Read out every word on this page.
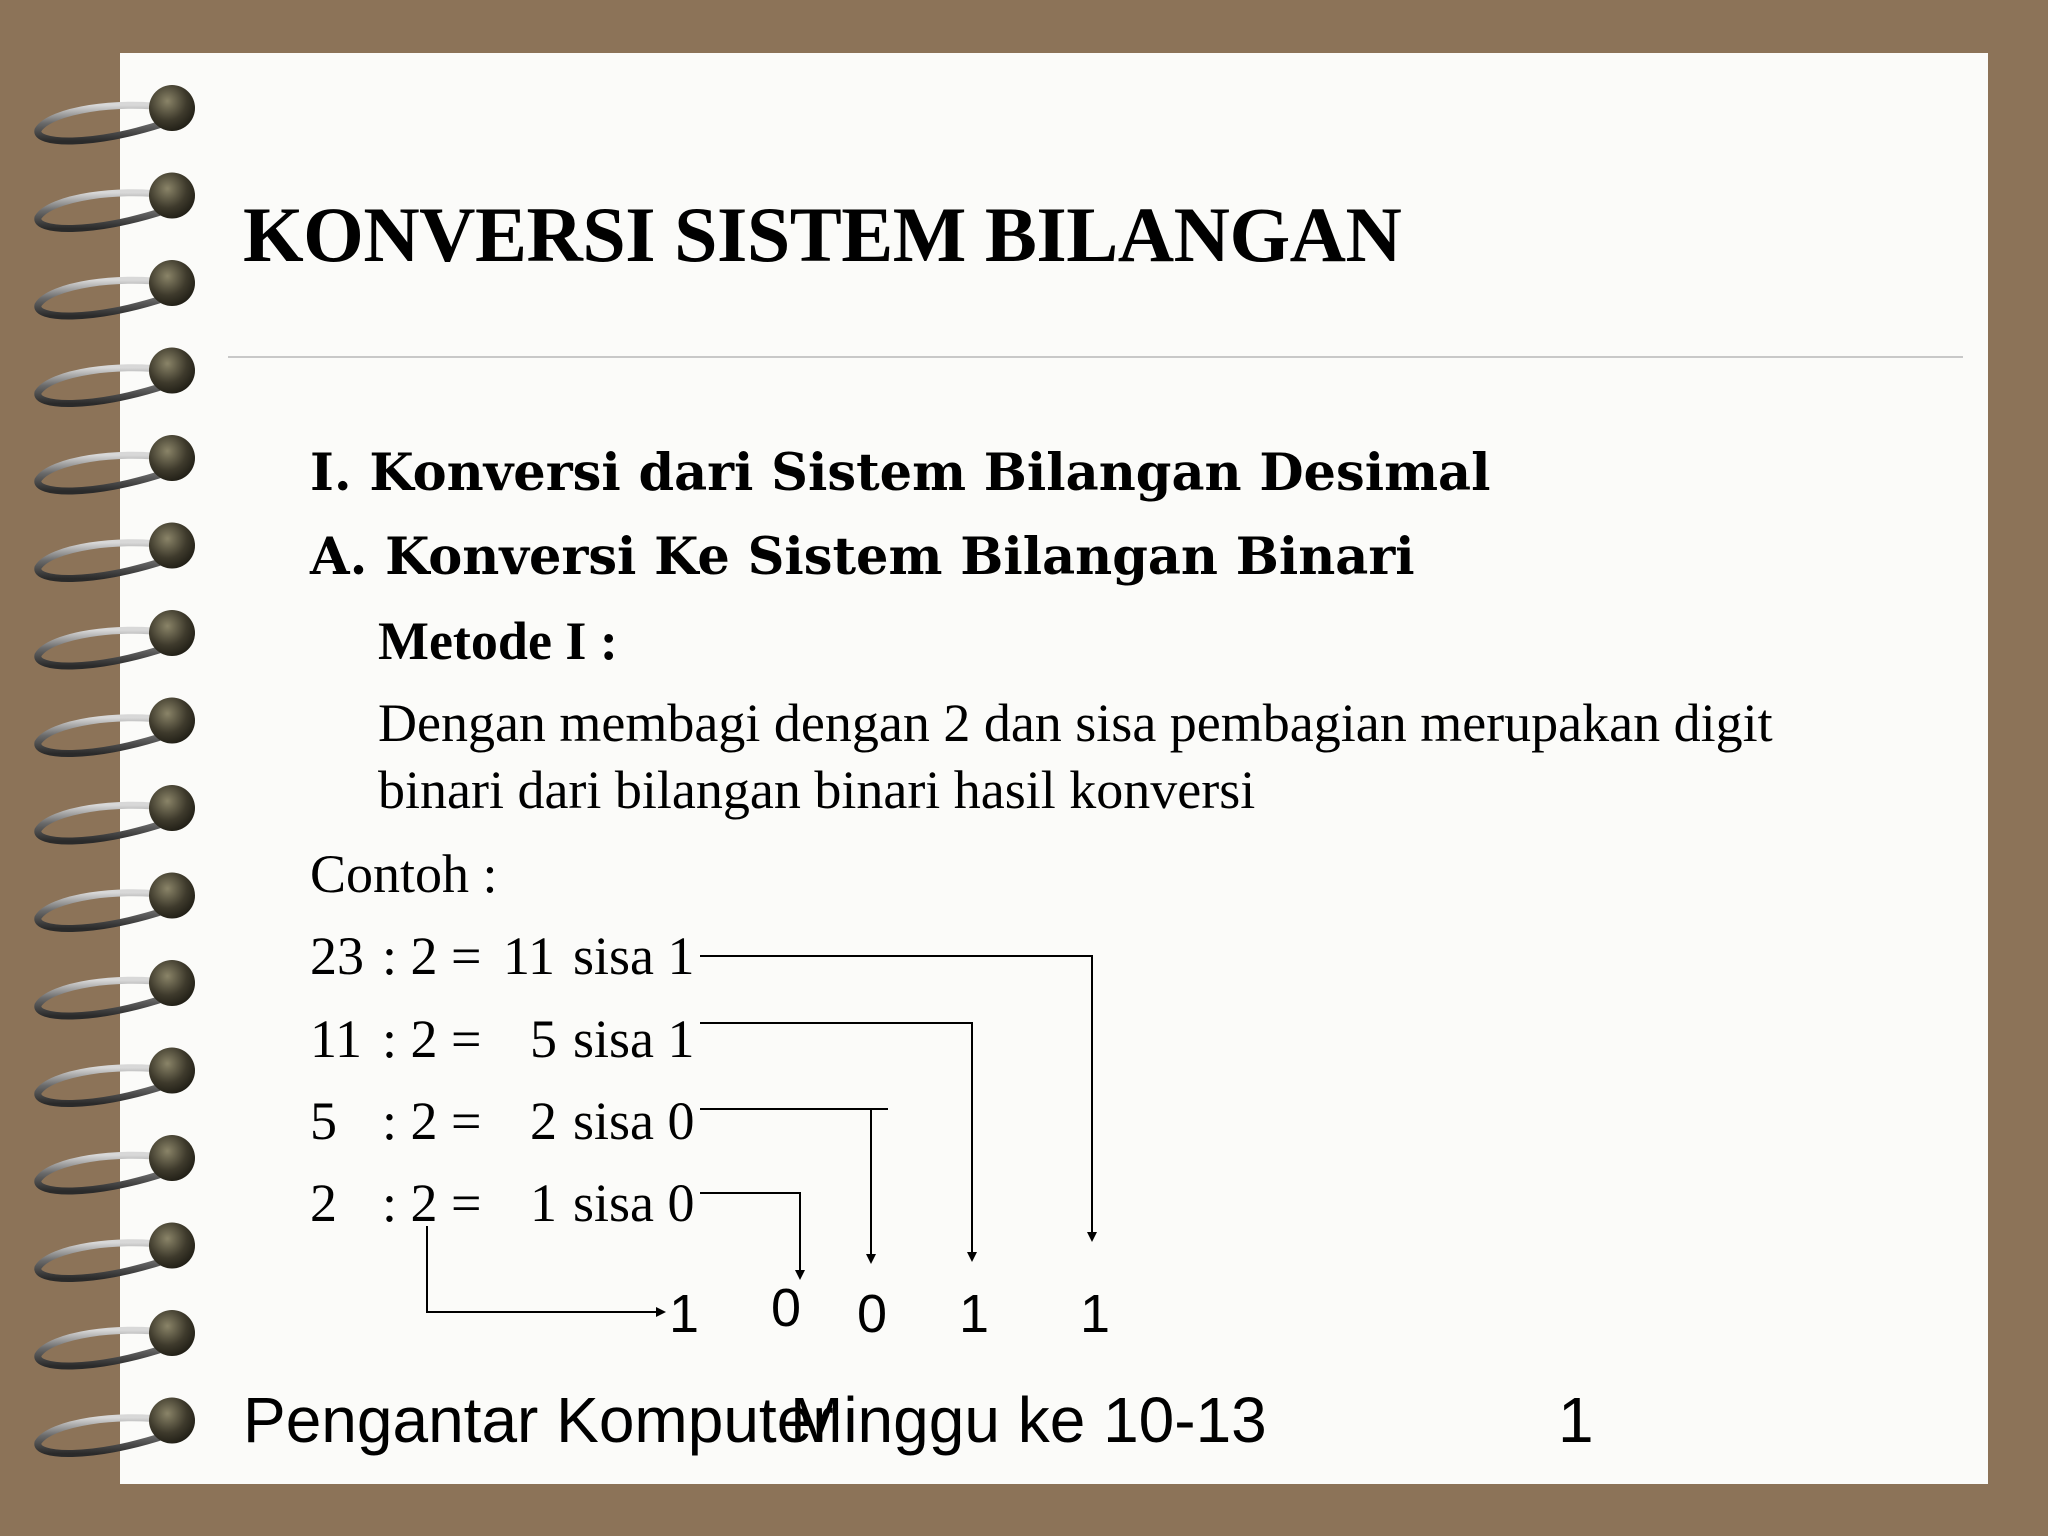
KONVERSI SISTEM BILANGAN
I. Konversi dari Sistem Bilangan Desimal
A. Konversi Ke Sistem Bilangan Binari
Metode I :
Dengan membagi dengan 2 dan sisa pembagian merupakan digit
binari dari bilangan binari hasil konversi
Contoh :
23 : 2 = 11 sisa 1
11 : 2 = 5 sisa 1
5 : 2 = 2 sisa 0
2 : 2 = 1 sisa 0
1 0 0 1 1
Pengantar Komputer
Minggu ke 10-13	1
